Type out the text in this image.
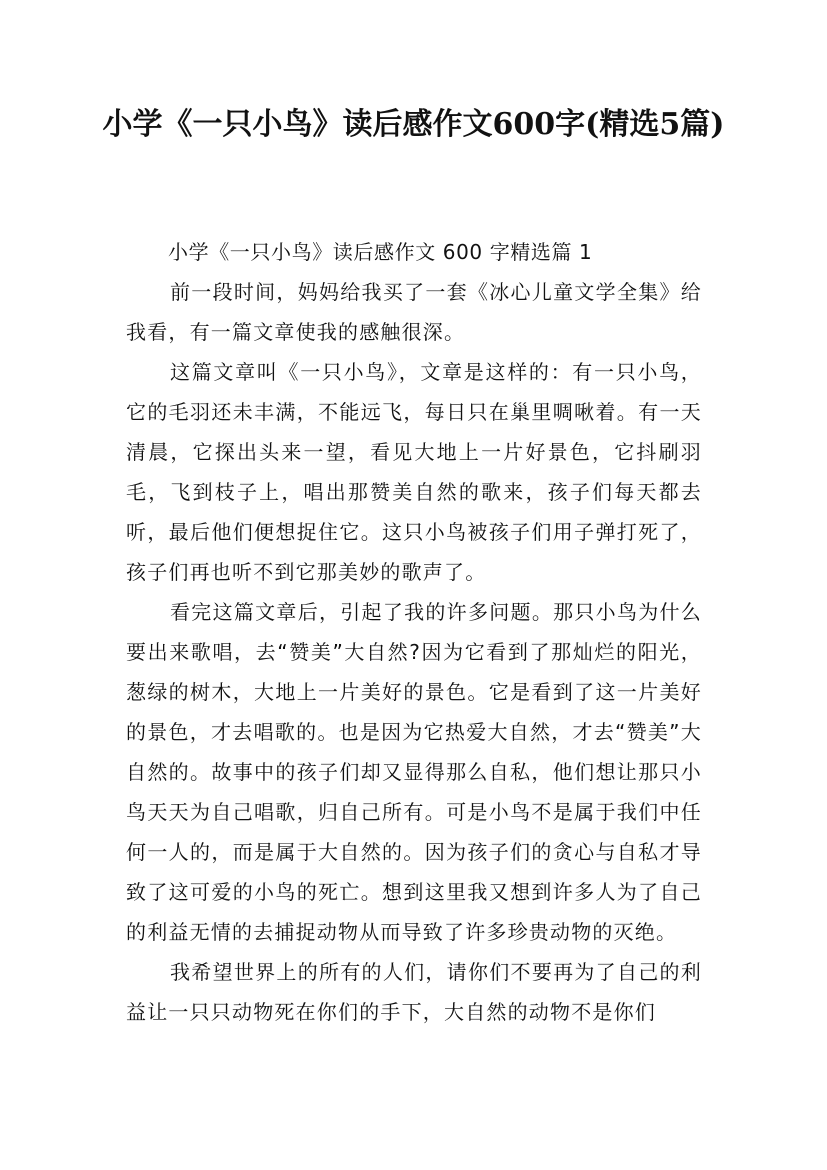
小学《一只小鸟》读后感作文600字(精选5篇)

小学《一只小鸟》读后感作文 600 字精选篇 1

前一段时间，妈妈给我买了一套《冰心儿童文学全集》给我看，有一篇文章使我的感触很深。

这篇文章叫《一只小鸟》，文章是这样的：有一只小鸟，它的毛羽还未丰满，不能远飞，每日只在巢里啁啾着。有一天清晨，它探出头来一望，看见大地上一片好景色，它抖刷羽毛，飞到枝子上，唱出那赞美自然的歌来，孩子们每天都去听，最后他们便想捉住它。这只小鸟被孩子们用子弹打死了，孩子们再也听不到它那美妙的歌声了。

看完这篇文章后，引起了我的许多问题。那只小鸟为什么要出来歌唱，去“赞美”大自然?因为它看到了那灿烂的阳光，葱绿的树木，大地上一片美好的景色。它是看到了这一片美好的景色，才去唱歌的。也是因为它热爱大自然，才去“赞美”大自然的。故事中的孩子们却又显得那么自私，他们想让那只小鸟天天为自己唱歌，归自己所有。可是小鸟不是属于我们中任何一人的，而是属于大自然的。因为孩子们的贪心与自私才导致了这可爱的小鸟的死亡。想到这里我又想到许多人为了自己的利益无情的去捕捉动物从而导致了许多珍贵动物的灭绝。

我希望世界上的所有的人们，请你们不要再为了自己的利益让一只只动物死在你们的手下，大自然的动物不是你们
